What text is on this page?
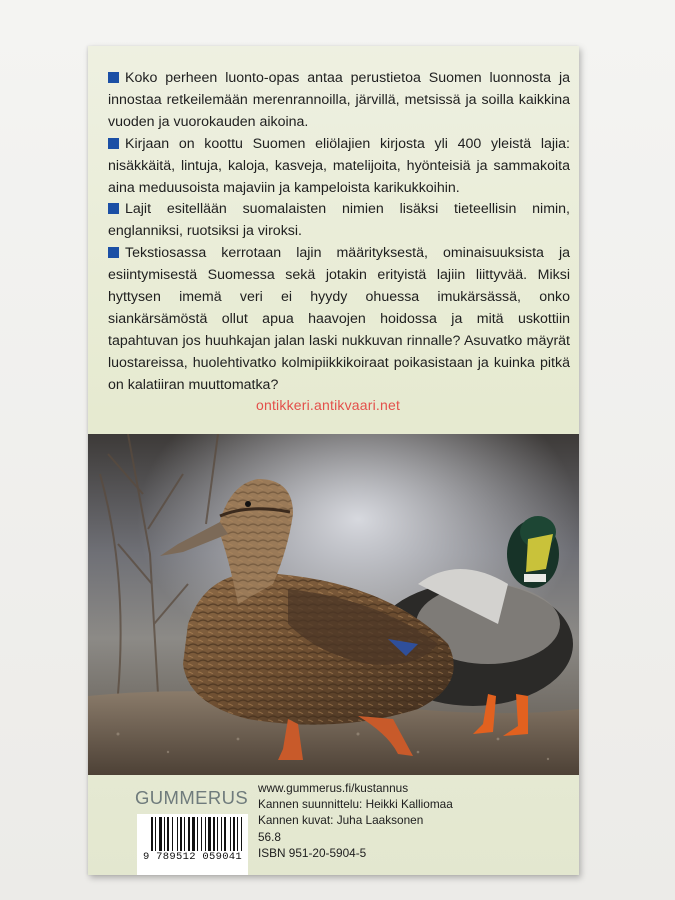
Koko perheen luonto-opas antaa perustietoa Suomen luonnosta ja innostaa retkeilemään merenrannoilla, järvillä, metsissä ja soilla kaikkina vuoden ja vuorokauden aikoina.

Kirjaan on koottu Suomen eliölajien kirjosta yli 400 yleistä lajia: nisäkkäitä, lintuja, kaloja, kasveja, matelijoita, hyönteisiä ja sammakoita aina meduusoista majaviin ja kampeloista karikukkoihin.

Lajit esitellään suomalaisten nimien lisäksi tieteellisin nimin, englanniksi, ruotsiksi ja viroksi.

Tekstiosassa kerrotaan lajin määrityksestä, ominaisuuksista ja esiintymisestä Suomessa sekä jotakin erityistä lajiin liittyvää. Miksi hyttysen imemä veri ei hyydy ohuessa imukärsässä, onko siankärsämöstä ollut apua haavojen hoidossa ja mitä uskottiin tapahtuvan jos huuhkajan jalan laski nukkuvan rinnalle? Asuvatko mäyrät luostareissa, huolehtivatko kolmipiikkikoiraat poikasistaan ja kuinka pitkä on kalatiiran muuttomatka?

ontikkeri.antikvaari.net
GUMMERUS www.gummerus.fi/kustannus
Kannen suunnittelu: Heikki Kalliomaa
Kannen kuvat: Juha Laaksonen
56.8
ISBN 951-20-5904-5
9 789512 059041
